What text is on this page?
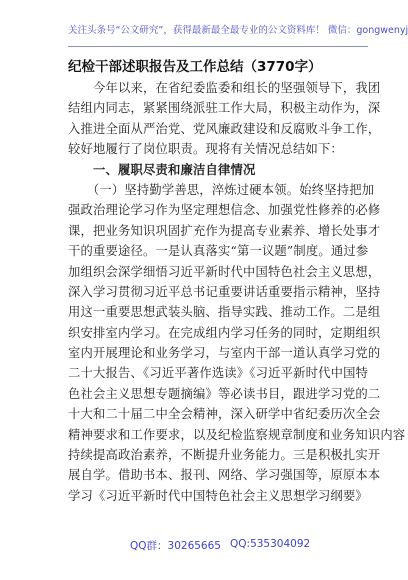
关注头条号“公文研究”，获得最新最全最专业的公文资料库！ 微信：gongwenyj
纪检干部述职报告及工作总结（3770字）
　　今年以来，在省纪委监委和组长的坚强领导下，我团
结组内同志，紧紧围绕派驻工作大局，积极主动作为，深
入推进全面从严治党、党风廉政建设和反腐败斗争工作，
较好地履行了岗位职责。现将有关情况总结如下：
　　一、履职尽责和廉洁自律情况
　　（一）坚持勤学善思，淬炼过硬本领。始终坚持把加
强政治理论学习作为坚定理想信念、加强党性修养的必修
课，把业务知识巩固扩充作为提高专业素养、增长处事才
干的重要途径。一是认真落实“第一议题”制度。通过参
加组织会深学细悟习近平新时代中国特色社会主义思想，
深入学习贯彻习近平总书记重要讲话重要指示精神，坚持
用这一重要思想武装头脑、指导实践、推动工作。二是组
织安排室内学习。在完成组内学习任务的同时，定期组织
室内开展理论和业务学习，与室内干部一道认真学习党的
二十大报告、《习近平著作选读》《习近平新时代中国特
色社会主义思想专题摘编》等必读书目，跟进学习党的二
十大和二十届二中全会精神，深入研学中省纪委历次全会
精神要求和工作要求，以及纪检监察规章制度和业务知识内容
持续提高政治素养，不断提升业务能力。三是积极扎实开
展自学。借助书本、报刊、网络、学习强国等，原原本本
学习《习近平新时代中国特色社会主义思想学习纲要》
QQ群：30265665 QQ:535304092
